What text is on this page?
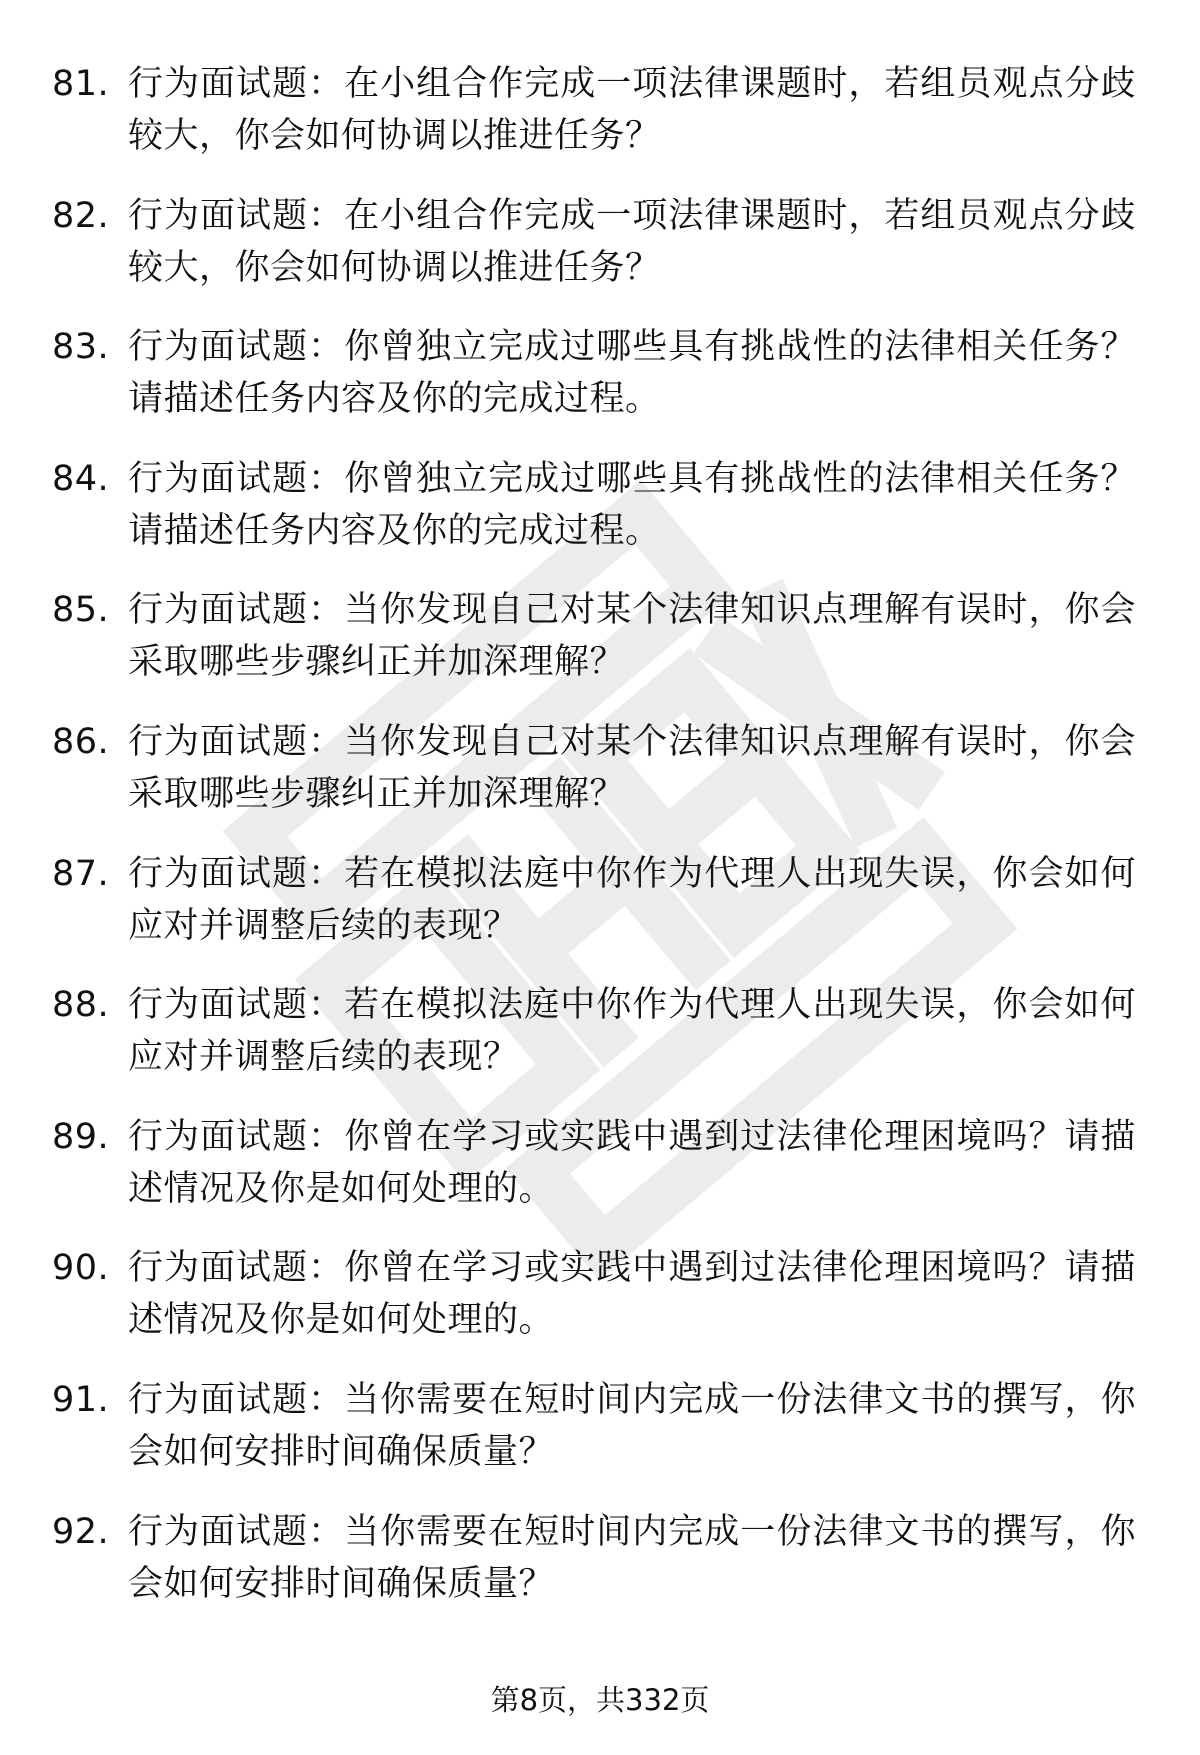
81. 行为面试题：在小组合作完成一项法律课题时，若组员观点分歧较大，你会如何协调以推进任务？
82. 行为面试题：在小组合作完成一项法律课题时，若组员观点分歧较大，你会如何协调以推进任务？
83. 行为面试题：你曾独立完成过哪些具有挑战性的法律相关任务？请描述任务内容及你的完成过程。
84. 行为面试题：你曾独立完成过哪些具有挑战性的法律相关任务？请描述任务内容及你的完成过程。
85. 行为面试题：当你发现自己对某个法律知识点理解有误时，你会采取哪些步骤纠正并加深理解？
86. 行为面试题：当你发现自己对某个法律知识点理解有误时，你会采取哪些步骤纠正并加深理解？
87. 行为面试题：若在模拟法庭中你作为代理人出现失误，你会如何应对并调整后续的表现？
88. 行为面试题：若在模拟法庭中你作为代理人出现失误，你会如何应对并调整后续的表现？
89. 行为面试题：你曾在学习或实践中遇到过法律伦理困境吗？请描述情况及你是如何处理的。
90. 行为面试题：你曾在学习或实践中遇到过法律伦理困境吗？请描述情况及你是如何处理的。
91. 行为面试题：当你需要在短时间内完成一份法律文书的撰写，你会如何安排时间确保质量？
92. 行为面试题：当你需要在短时间内完成一份法律文书的撰写，你会如何安排时间确保质量？
第8页，共332页
